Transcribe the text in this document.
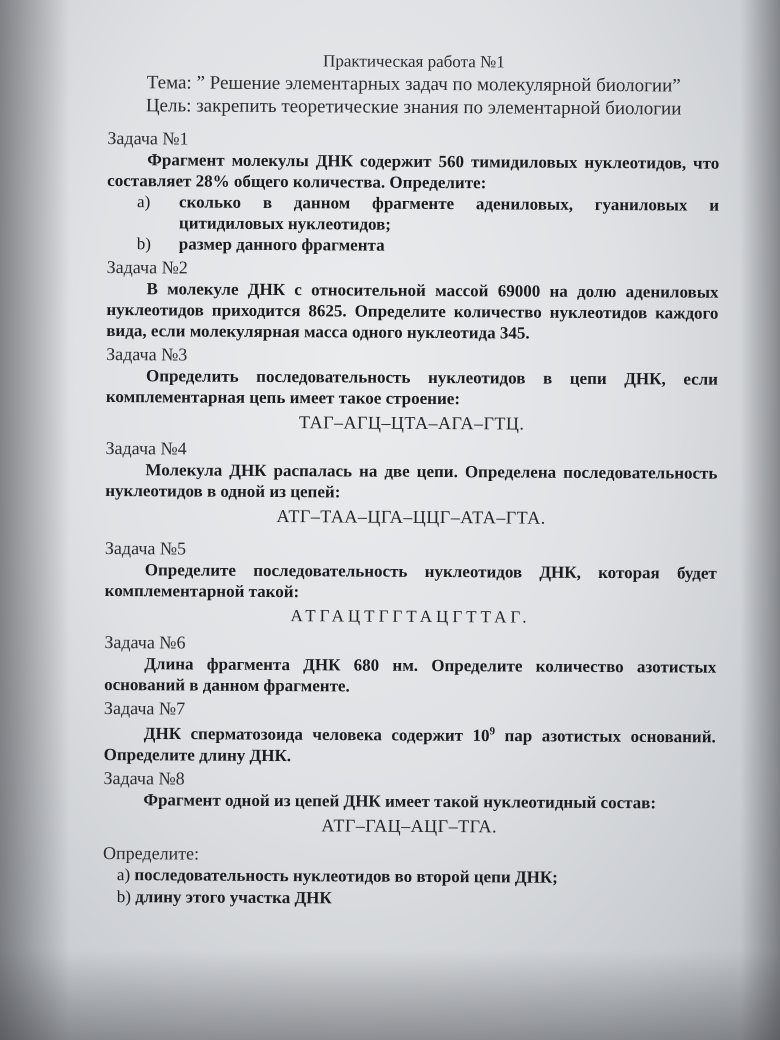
Практическая работа №1
Тема: ” Решение элементарных задач по молекулярной биологии”
Цель: закрепить теоретические знания по элементарной биологии
Задача №1

Фрагмент молекулы ДНК содержит 560 тимидиловых нуклеотидов, что составляет 28% общего количества. Определите:

a) сколько в данном фрагменте адениловых, гуаниловых и цитидиловых нуклеотидов;
b) размер данного фрагмента
Задача №2

В молекуле ДНК с относительной массой 69000 на долю адениловых нуклеотидов приходится 8625. Определите количество нуклеотидов каждого вида, если молекулярная масса одного нуклеотида 345.

Задача №3

Определить последовательность нуклеотидов в цепи ДНК, если комплементарная цепь имеет такое строение:

ТАГ–АГЦ–ЦТА–АГА–ГТЦ.
Задача №4

Молекула ДНК распалась на две цепи. Определена последовательность нуклеотидов в одной из цепей:

АТГ–ТАА–ЦГА–ЦЦГ–АТА–ГТА.
Задача №5

Определите последовательность нуклеотидов ДНК, которая будет комплементарной такой:

АТГАЦТГГТАЦГТТАГ.
Задача №6

Длина фрагмента ДНК 680 нм. Определите количество азотистых оснований в данном фрагменте.

Задача №7

ДНК сперматозоида человека содержит $10^9$ пар азотистых оснований. Определите длину ДНК.

Задача №8

Фрагмент одной из цепей ДНК имеет такой нуклеотидный состав:

АТГ–ГАЦ–АЦГ–ТГА.
Определите:
а) последовательность нуклеотидов во второй цепи ДНК;
b) длину этого участка ДНК
